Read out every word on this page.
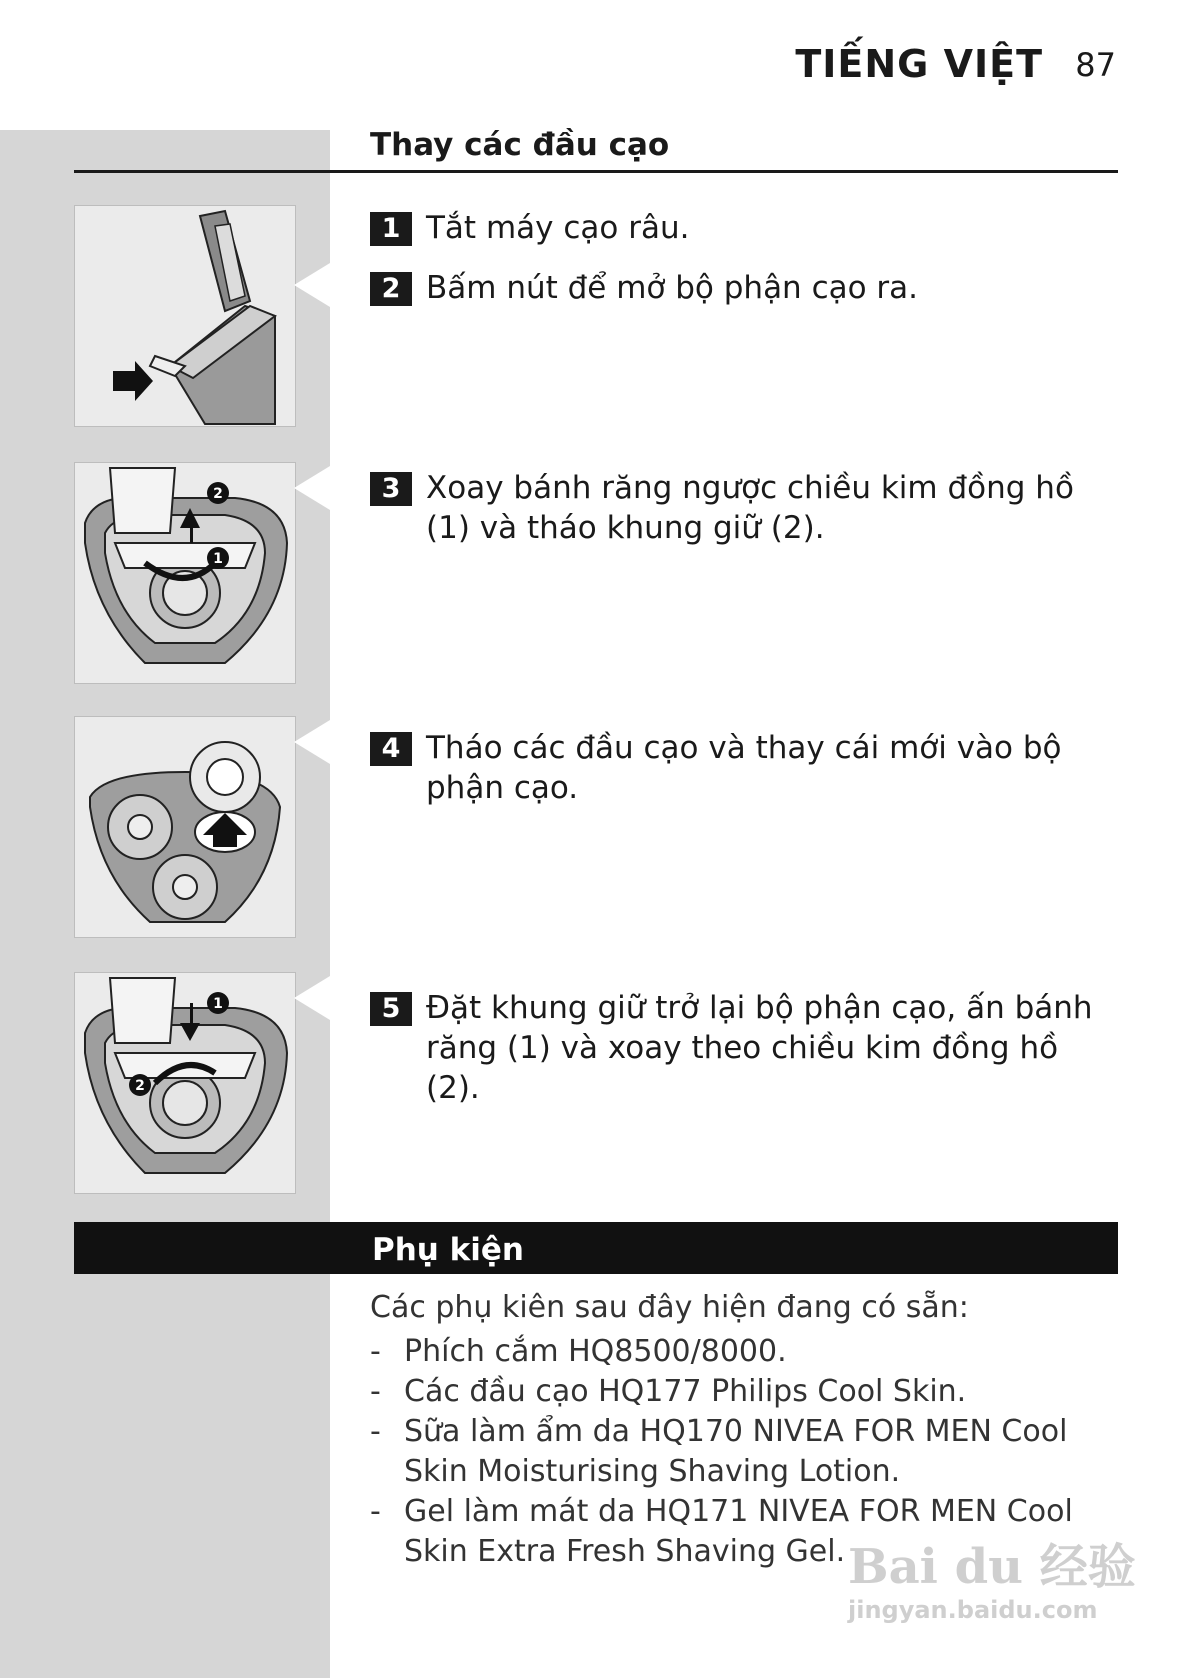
TIẾNG VIỆT 87
Thay các đầu cạo
1
2
1
2
1 Tắt máy cạo râu.
2 Bấm nút để mở bộ phận cạo ra.
3 Xoay bánh răng ngược chiều kim đồng hồ (1) và tháo khung giữ (2).
4 Tháo các đầu cạo và thay cái mới vào bộ phận cạo.
5 Đặt khung giữ trở lại bộ phận cạo, ấn bánh răng (1) và xoay theo chiều kim đồng hồ (2).
Phụ kiện
Các phụ kiên sau đây hiện đang có sẵn:
- Phích cắm HQ8500/8000.
- Các đầu cạo HQ177 Philips Cool Skin.
- Sữa làm ẩm da HQ170 NIVEA FOR MEN Cool Skin Moisturising Shaving Lotion.
- Gel làm mát da HQ171 NIVEA FOR MEN Cool Skin Extra Fresh Shaving Gel. Bai du 经验
jingyan.baidu.com
